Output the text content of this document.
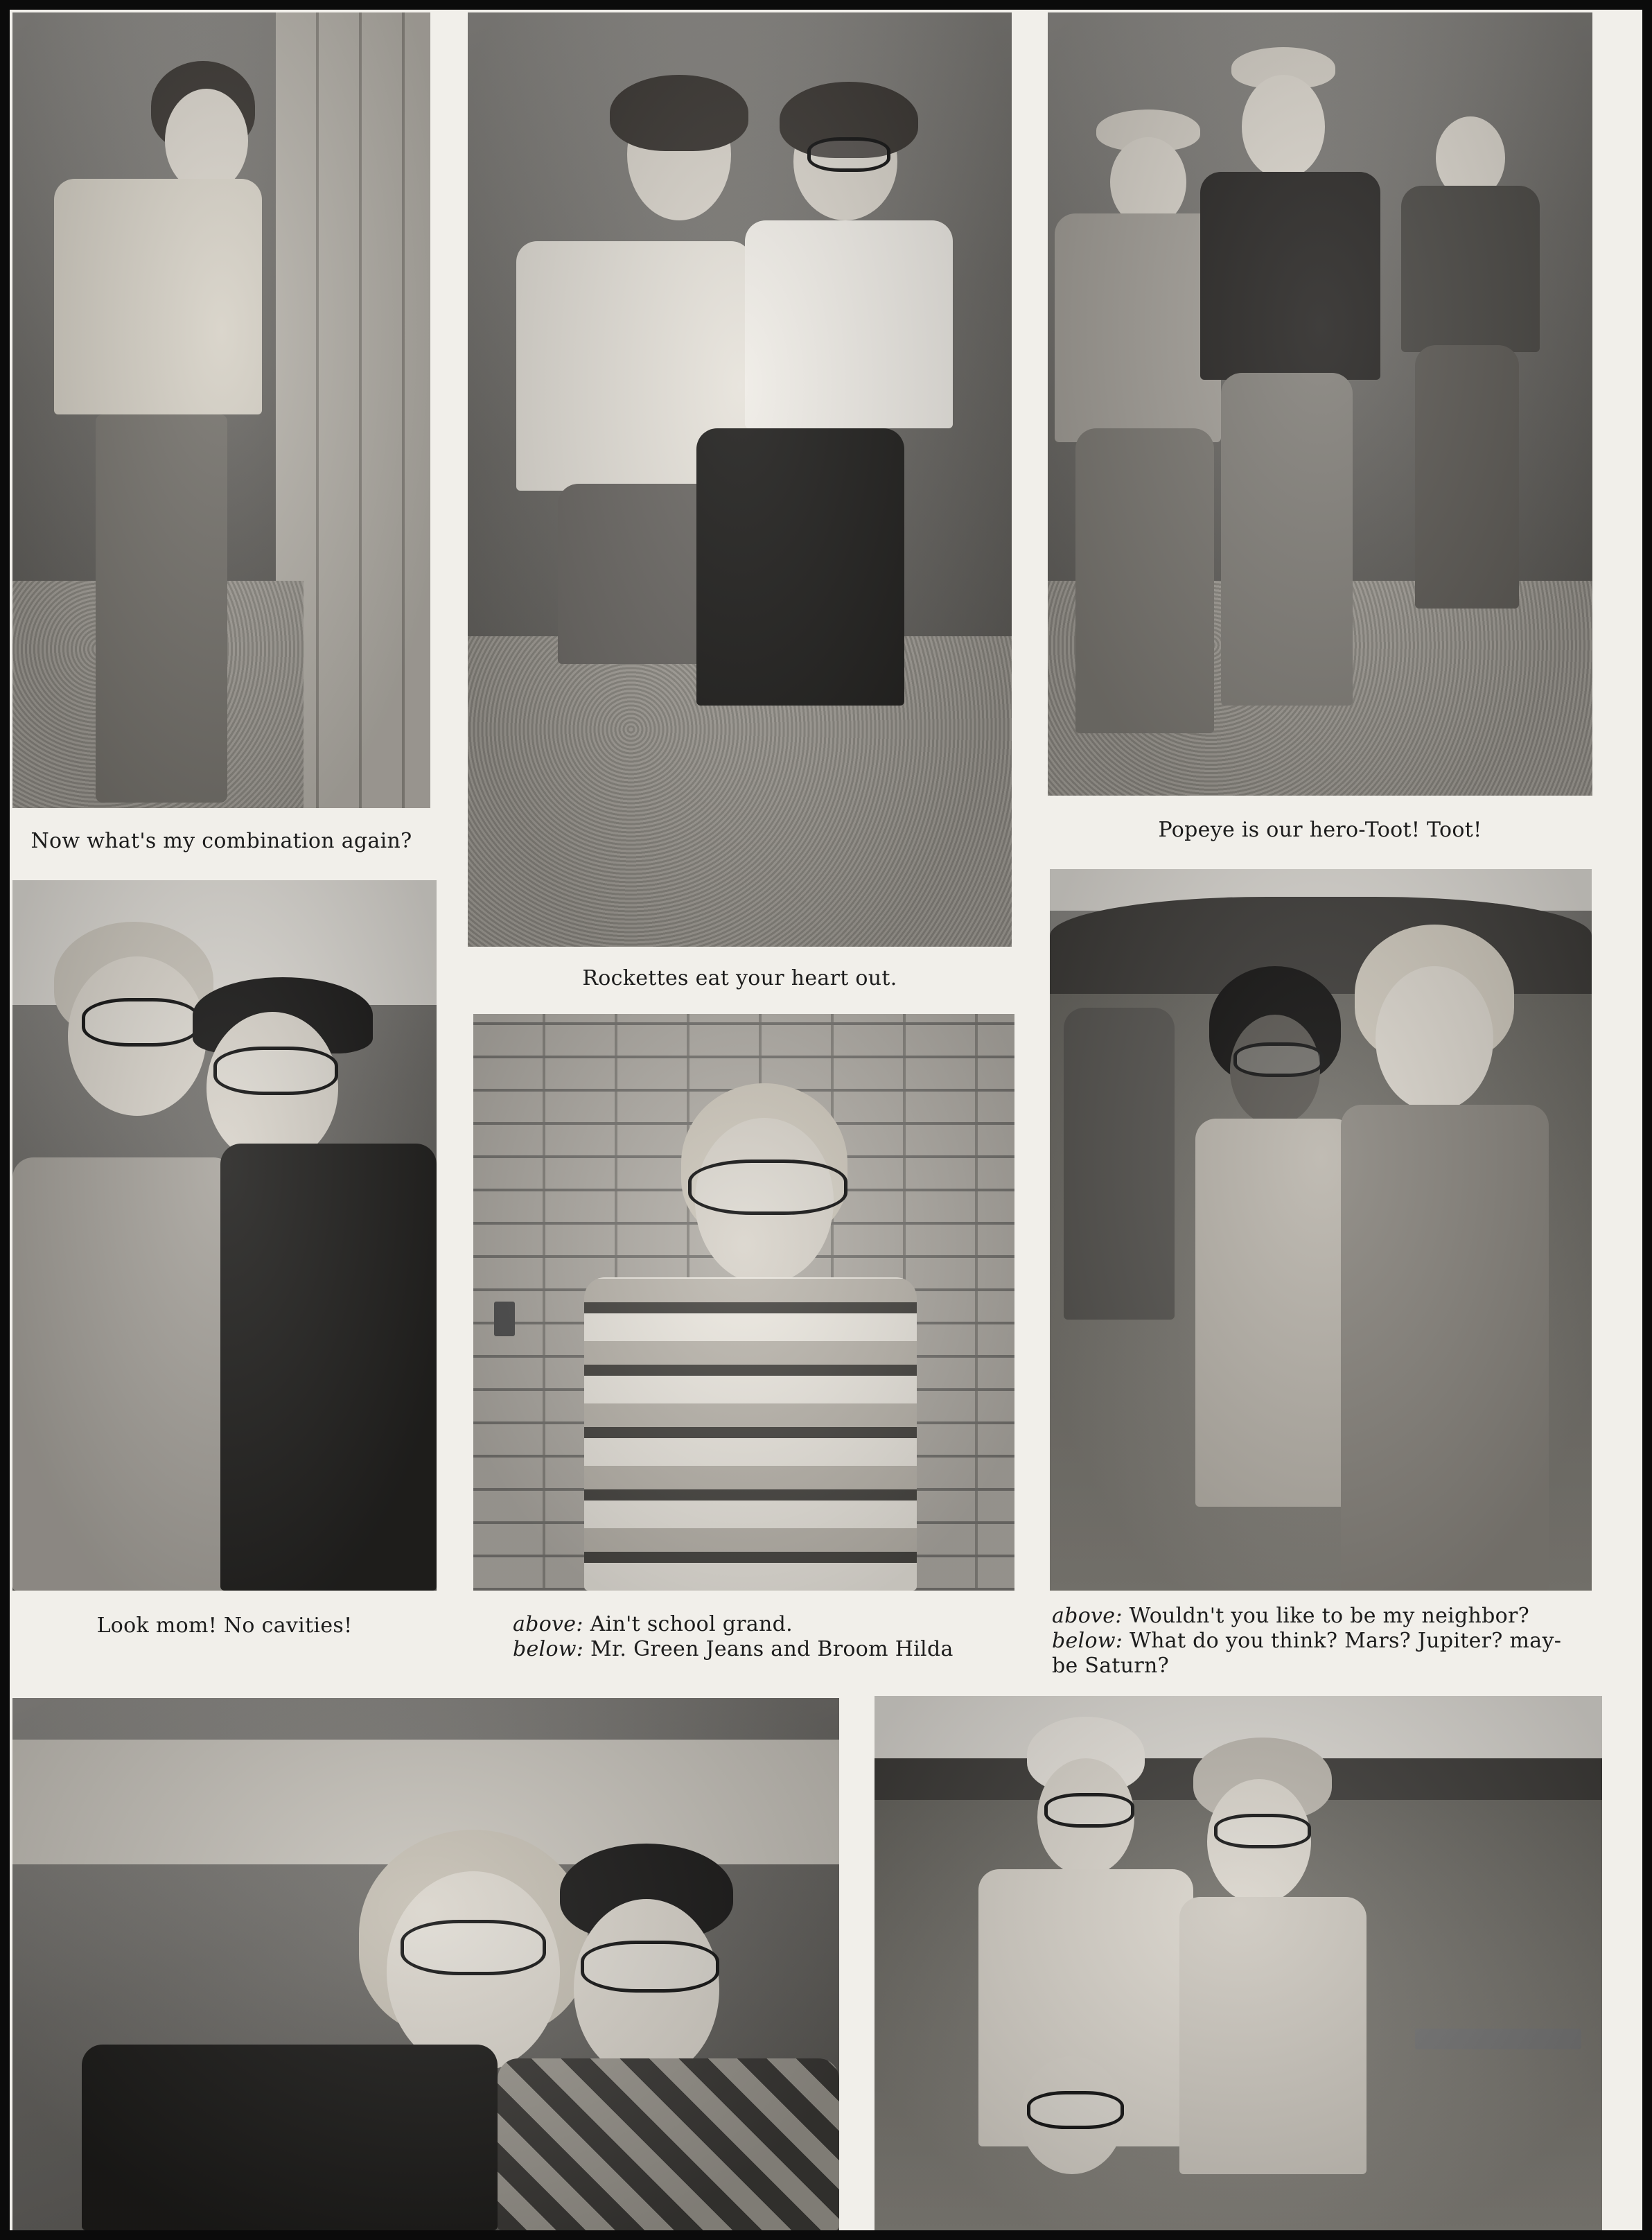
Now what's my combination again?
Rockettes eat your heart out.
Popeye is our hero-Toot! Toot!
Look mom! No cavities!	above: Ain't school grand.
below: Mr. Green Jeans and Broom Hilda
above: Wouldn't you like to be my neighbor?
below: What do you think? Mars? Jupiter? may-
be Saturn?
